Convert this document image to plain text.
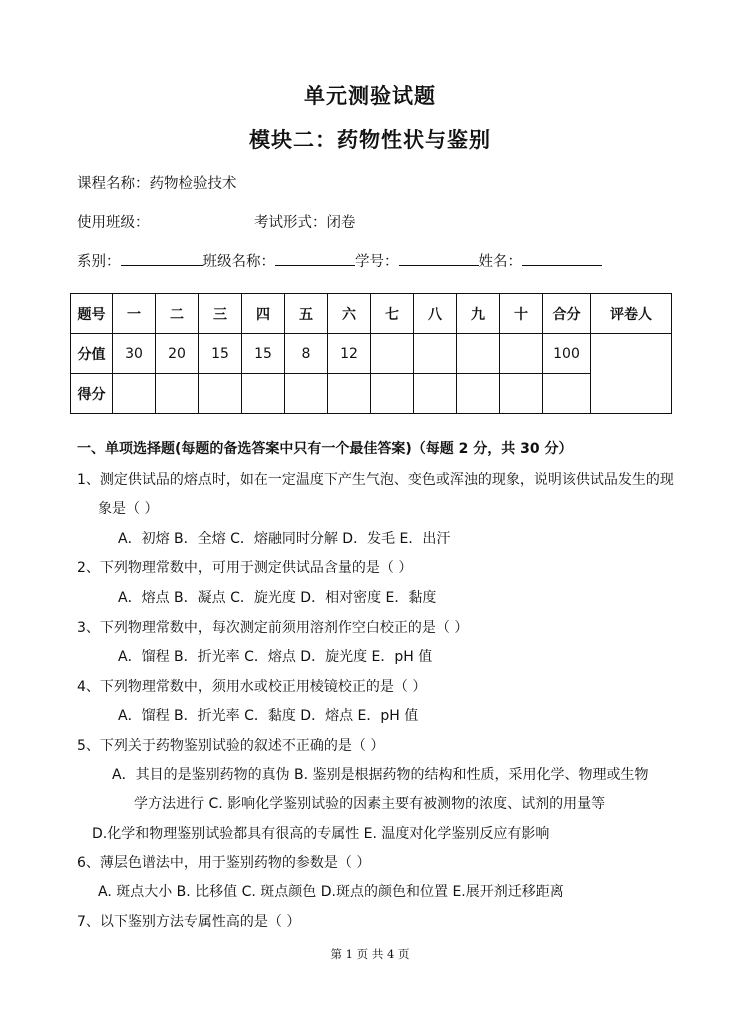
单元测验试题
模块二：药物性状与鉴别
课程名称：药物检验技术
使用班级：	考试形式：闭卷
系别：	班级名称：	学号：	姓名：
题号	一	二	三	四	五	六	七	八	九	十	合分	评卷人
分值	30	20	15	15	8	12					100	
得分												
一、单项选择题(每题的备选答案中只有一个最佳答案)（每题 2 分，共 30 分）
1、测定供试品的熔点时，如在一定温度下产生气泡、变色或浑浊的现象，说明该供试品发生的现
象是（ ）
A．初熔 B．全熔 C．熔融同时分解 D．发毛 E．出汗
2、下列物理常数中，可用于测定供试品含量的是（ ）
A．熔点 B．凝点 C．旋光度 D．相对密度 E．黏度
3、下列物理常数中，每次测定前须用溶剂作空白校正的是（ ）
A．馏程 B．折光率 C．熔点 D．旋光度 E．pH 值
4、下列物理常数中，须用水或校正用棱镜校正的是（ ）
A．馏程 B．折光率 C．黏度 D．熔点 E．pH 值
5、下列关于药物鉴别试验的叙述不正确的是（ ）
A．其目的是鉴别药物的真伪 B. 鉴别是根据药物的结构和性质，采用化学、物理或生物
学方法进行 C. 影响化学鉴别试验的因素主要有被测物的浓度、试剂的用量等
D.化学和物理鉴别试验都具有很高的专属性 E. 温度对化学鉴别反应有影响
6、薄层色谱法中，用于鉴别药物的参数是（ ）
A. 斑点大小 B. 比移值 C. 斑点颜色 D.斑点的颜色和位置 E.展开剂迁移距离
7、以下鉴别方法专属性高的是（ ）
第 1 页 共 4 页
